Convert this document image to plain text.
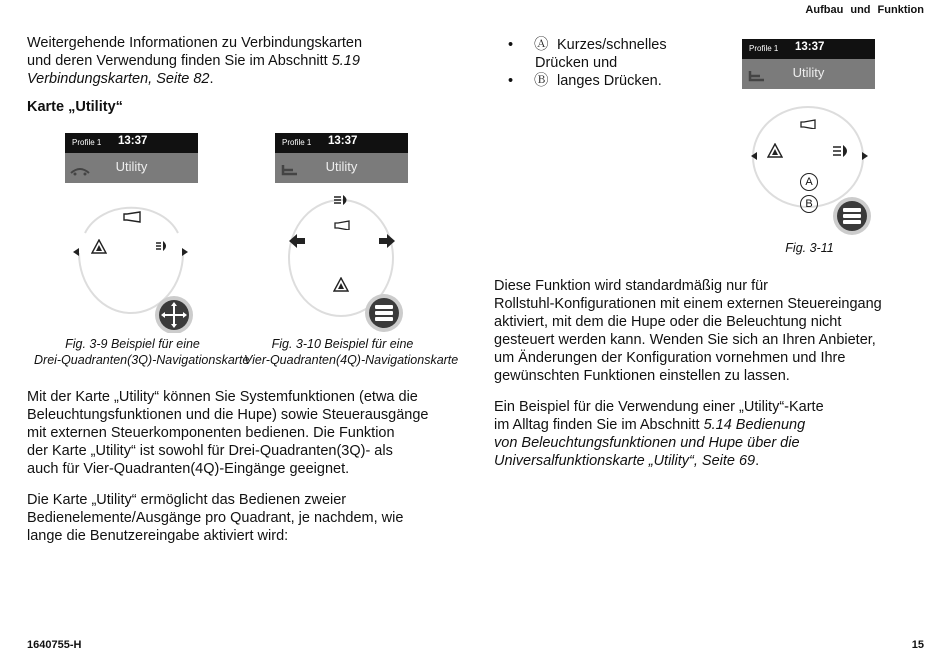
Aufbau und Funktion

Weitergehende Informationen zu Verbindungskarten

und deren Verwendung finden Sie im Abschnitt 5.19

Verbindungskarten, Seite 82.

Karte „Utility“
Profile 1 13:37
Utility
Profile 1 13:37
Utility
Fig. 3-9 Beispiel für eine
Drei-Quadranten(3Q)-Navigationskarte
Fig. 3-10 Beispiel für eine
Vier-Quadranten(4Q)-Navigationskarte

Mit der Karte „Utility“ können Sie Systemfunktionen (etwa die

Beleuchtungsfunktionen und die Hupe) sowie Steuerausgänge

mit externen Steuerkomponenten bedienen. Die Funktion

der Karte „Utility“ ist sowohl für Drei-Quadranten(3Q)- als

auch für Vier-Quadranten(4Q)-Eingänge geeignet.

Die Karte „Utility“ ermöglicht das Bedienen zweier

Bedienelemente/Ausgänge pro Quadrant, je nachdem, wie

lange die Benutzereingabe aktiviert wird:

• Ⓐ Kurzes/schnelles
Drücken und
• Ⓑ langes Drücken.
Profile 1 13:37
Utility
A
B
Fig. 3-11

Diese Funktion wird standardmäßig nur für

Rollstuhl-Konfigurationen mit einem externen Steuereingang

aktiviert, mit dem die Hupe oder die Beleuchtung nicht

gesteuert werden kann. Wenden Sie sich an Ihren Anbieter,

um Änderungen der Konfiguration vornehmen und Ihre

gewünschten Funktionen einstellen zu lassen.

Ein Beispiel für die Verwendung einer „Utility“-Karte

im Alltag finden Sie im Abschnitt 5.14 Bedienung

von Beleuchtungsfunktionen und Hupe über die

Universalfunktionskarte „Utility“, Seite 69.

1640755-H	15
